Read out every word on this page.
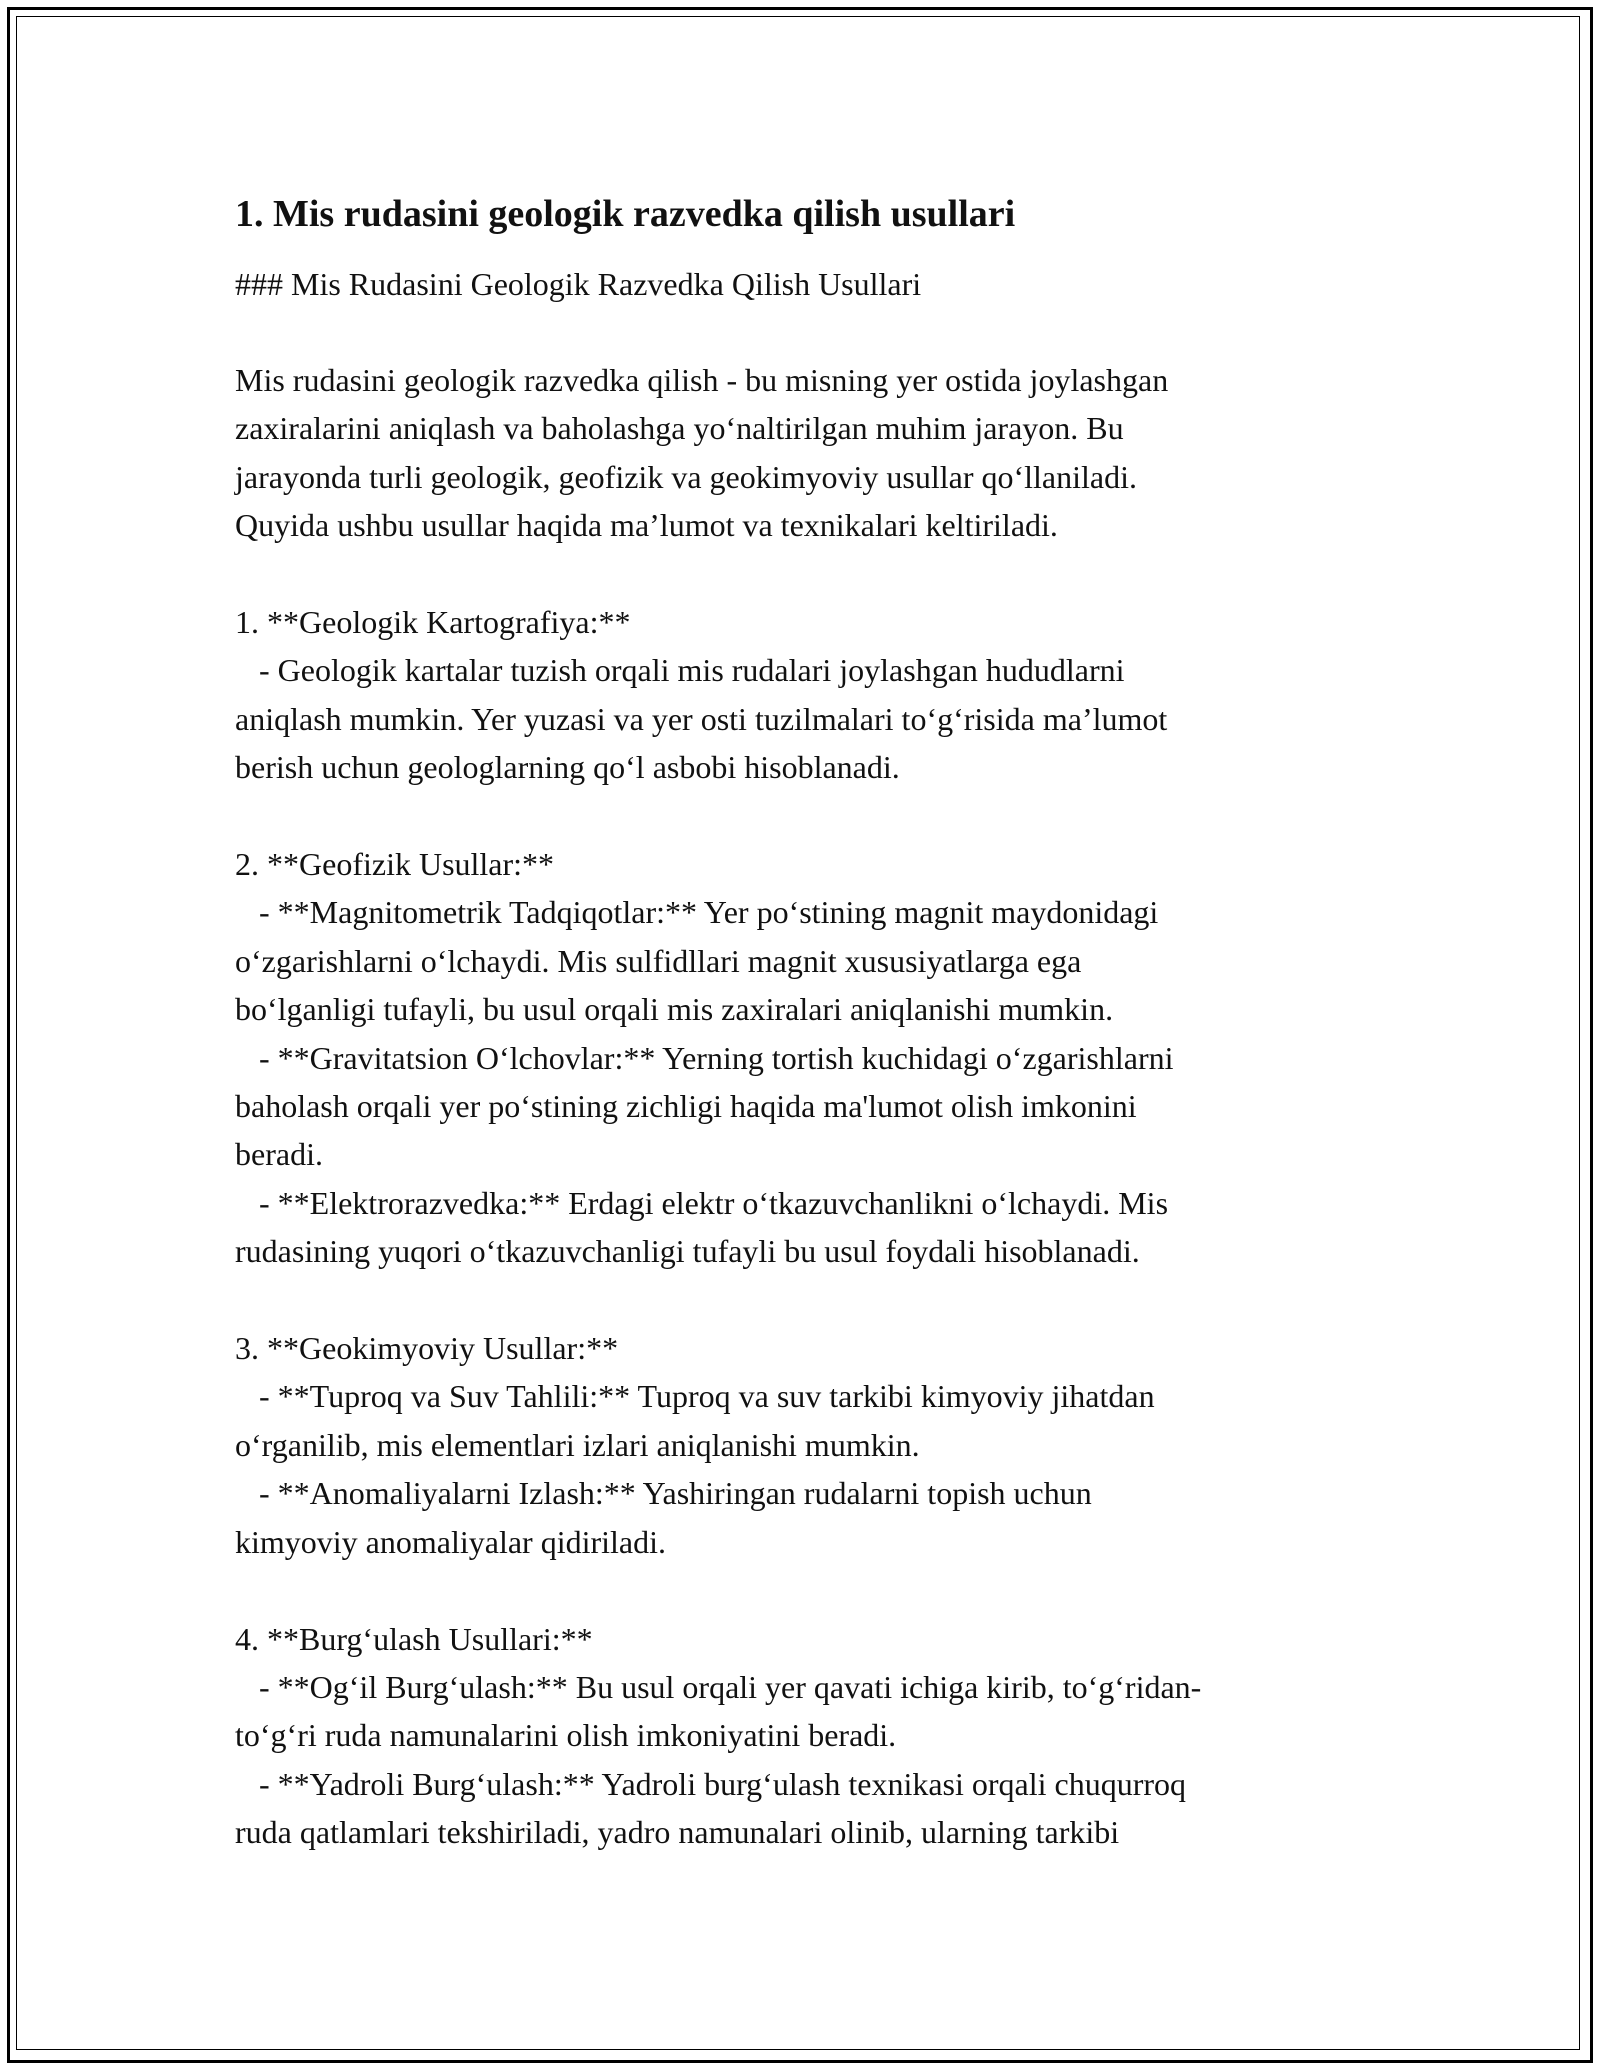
1. Mis rudasini geologik razvedka qilish usullari
### Mis Rudasini Geologik Razvedka Qilish Usullari
Mis rudasini geologik razvedka qilish - bu misning yer ostida joylashgan
zaxiralarini aniqlash va baholashga yo‘naltirilgan muhim jarayon. Bu
jarayonda turli geologik, geofizik va geokimyoviy usullar qo‘llaniladi.
Quyida ushbu usullar haqida ma’lumot va texnikalari keltiriladi.
1. **Geologik Kartografiya:**
- Geologik kartalar tuzish orqali mis rudalari joylashgan hududlarni
aniqlash mumkin. Yer yuzasi va yer osti tuzilmalari to‘g‘risida ma’lumot
berish uchun geologlarning qo‘l asbobi hisoblanadi.
2. **Geofizik Usullar:**
- **Magnitometrik Tadqiqotlar:** Yer po‘stining magnit maydonidagi
o‘zgarishlarni o‘lchaydi. Mis sulfidllari magnit xususiyatlarga ega
bo‘lganligi tufayli, bu usul orqali mis zaxiralari aniqlanishi mumkin.
- **Gravitatsion O‘lchovlar:** Yerning tortish kuchidagi o‘zgarishlarni
baholash orqali yer po‘stining zichligi haqida ma'lumot olish imkonini
beradi.
- **Elektrorazvedka:** Erdagi elektr o‘tkazuvchanlikni o‘lchaydi. Mis
rudasining yuqori o‘tkazuvchanligi tufayli bu usul foydali hisoblanadi.
3. **Geokimyoviy Usullar:**
- **Tuproq va Suv Tahlili:** Tuproq va suv tarkibi kimyoviy jihatdan
o‘rganilib, mis elementlari izlari aniqlanishi mumkin.
- **Anomaliyalarni Izlash:** Yashiringan rudalarni topish uchun
kimyoviy anomaliyalar qidiriladi.
4. **Burg‘ulash Usullari:**
- **Og‘il Burg‘ulash:** Bu usul orqali yer qavati ichiga kirib, to‘g‘ridan-
to‘g‘ri ruda namunalarini olish imkoniyatini beradi.
- **Yadroli Burg‘ulash:** Yadroli burg‘ulash texnikasi orqali chuqurroq
ruda qatlamlari tekshiriladi, yadro namunalari olinib, ularning tarkibi
